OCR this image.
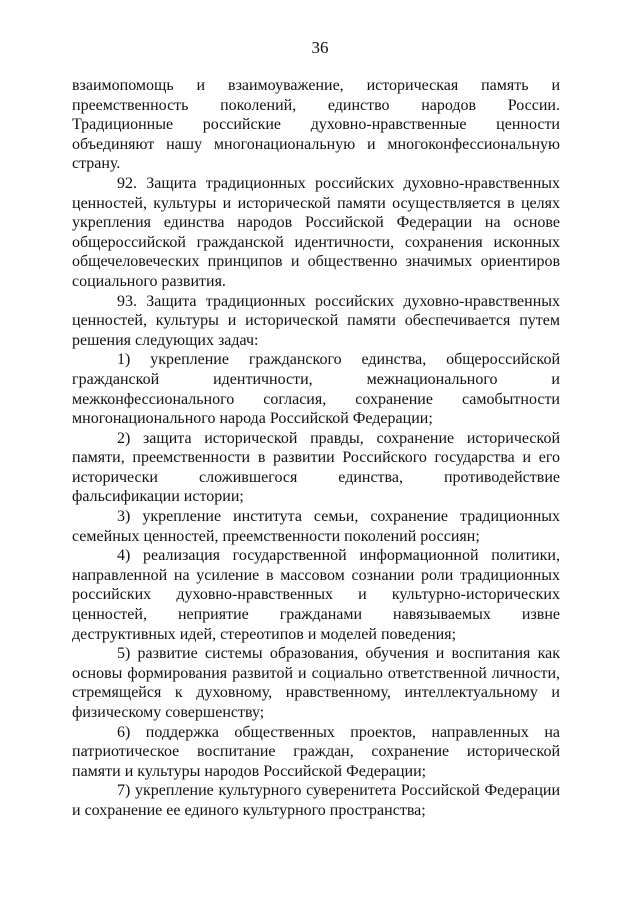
36
взаимопомощь и взаимоуважение, историческая память и
преемственность поколений, единство народов России.
Традиционные российские духовно-нравственные ценности
объединяют нашу многонациональную и многоконфессиональную
страну.
92. Защита традиционных российских духовно-нравственных
ценностей, культуры и исторической памяти осуществляется в целях
укрепления единства народов Российской Федерации на основе
общероссийской гражданской идентичности, сохранения исконных
общечеловеческих принципов и общественно значимых ориентиров
социального развития.
93. Защита традиционных российских духовно-нравственных
ценностей, культуры и исторической памяти обеспечивается путем
решения следующих задач:
1) укрепление гражданского единства, общероссийской
гражданской идентичности, межнационального и
межконфессионального согласия, сохранение самобытности
многонационального народа Российской Федерации;
2) защита исторической правды, сохранение исторической
памяти, преемственности в развитии Российского государства и его
исторически сложившегося единства, противодействие
фальсификации истории;
3) укрепление института семьи, сохранение традиционных
семейных ценностей, преемственности поколений россиян;
4) реализация государственной информационной политики,
направленной на усиление в массовом сознании роли традиционных
российских духовно-нравственных и культурно-исторических
ценностей, неприятие гражданами навязываемых извне
деструктивных идей, стереотипов и моделей поведения;
5) развитие системы образования, обучения и воспитания как
основы формирования развитой и социально ответственной личности,
стремящейся к духовному, нравственному, интеллектуальному и
физическому совершенству;
6) поддержка общественных проектов, направленных на
патриотическое воспитание граждан, сохранение исторической
памяти и культуры народов Российской Федерации;
7) укрепление культурного суверенитета Российской Федерации
и сохранение ее единого культурного пространства;
